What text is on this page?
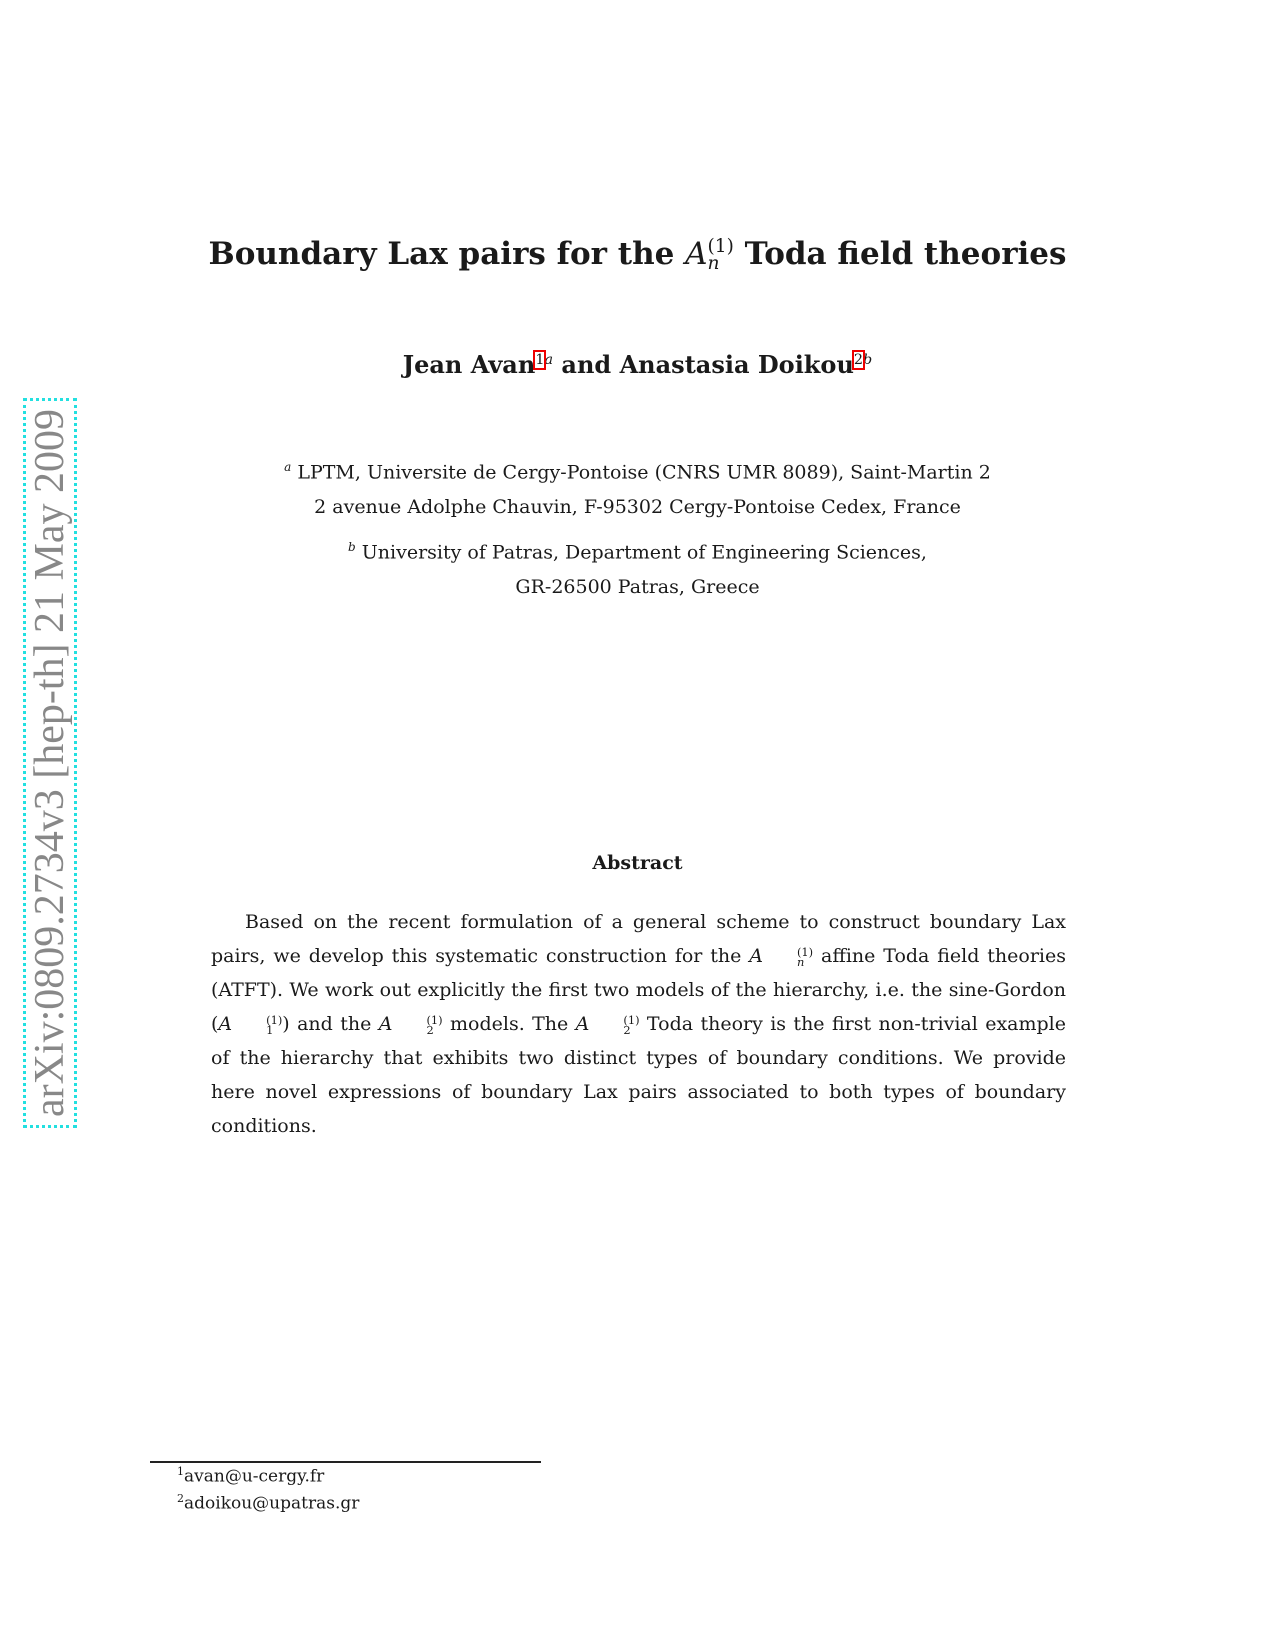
arXiv:0809.2734v3 [hep-th] 21 May 2009
Boundary Lax pairs for the A (1)
n Toda field theories
Jean Avan$^{1a}$ and Anastasia Doikou$^{2b}$
$^a$ LPTM, Universite de Cergy-Pontoise (CNRS UMR 8089), Saint-Martin 2
2 avenue Adolphe Chauvin, F-95302 Cergy-Pontoise Cedex, France
$^b$ University of Patras, Department of Engineering Sciences,
GR-26500 Patras, Greece
Abstract
Based on the recent formulation of a general scheme to construct boundary Lax pairs, we develop this systematic construction for the A	(1)
n affine Toda field theories (ATFT). We work out explicitly the first two models of the hierarchy, i.e. the sine-Gordon (A	(1)
1 ) and the A	(1)
2 models. The A	(1)
2 Toda theory is the first non-trivial example of the hierarchy that exhibits two distinct types of boundary conditions. We provide here novel expressions of boundary Lax pairs associated to both types of boundary conditions.
$^1$avan@u-cergy.fr
$^2$adoikou@upatras.gr
